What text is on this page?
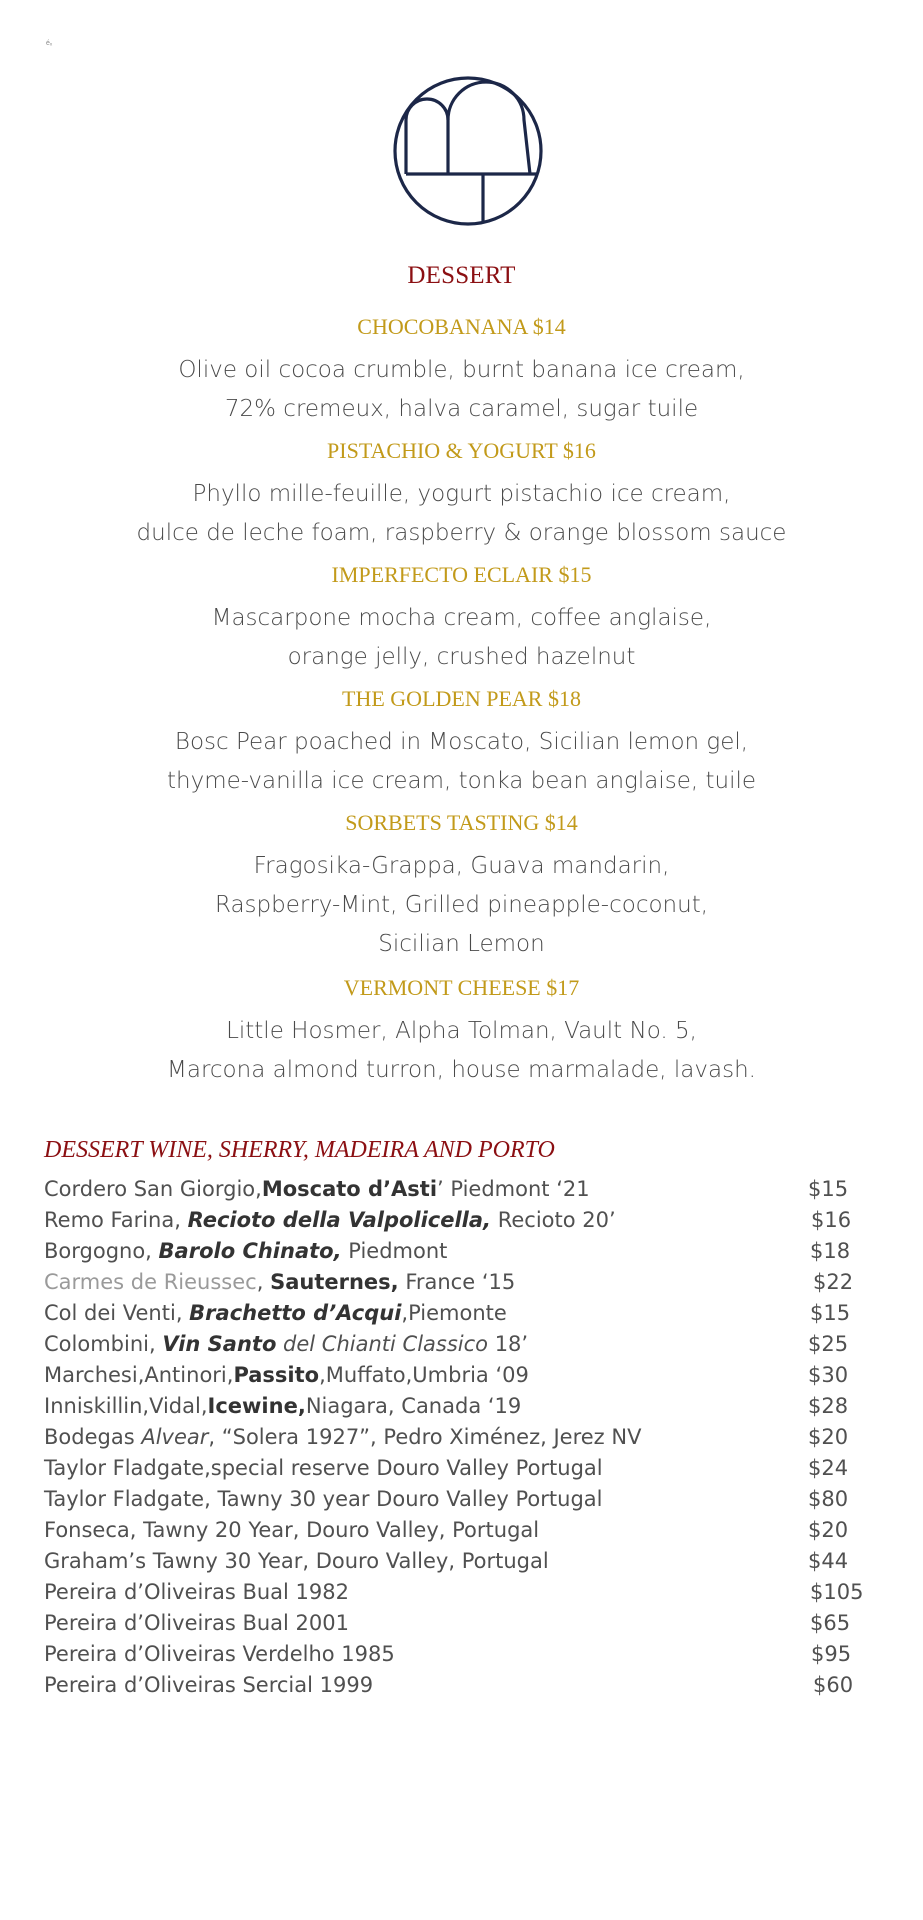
éₓ
DESSERT
CHOCOBANANA $14
Olive oil cocoa crumble, burnt banana ice cream,
72% cremeux, halva caramel, sugar tuile
PISTACHIO & YOGURT $16
Phyllo mille-feuille, yogurt pistachio ice cream,
dulce de leche foam, raspberry & orange blossom sauce
IMPERFECTO ECLAIR $15
Mascarpone mocha cream, coffee anglaise,
orange jelly, crushed hazelnut
THE GOLDEN PEAR $18
Bosc Pear poached in Moscato, Sicilian lemon gel,
thyme-vanilla ice cream, tonka bean anglaise, tuile
SORBETS TASTING $14
Fragosika-Grappa, Guava mandarin,
Raspberry-Mint, Grilled pineapple-coconut,
Sicilian Lemon
VERMONT CHEESE $17
Little Hosmer, Alpha Tolman, Vault No. 5,
Marcona almond turron, house marmalade, lavash.
DESSERT WINE, SHERRY, MADEIRA AND PORTO
Cordero San Giorgio,Moscato d’Asti’ Piedmont ‘21	$15
Remo Farina, Recioto della Valpolicella, Recioto 20’	$16
Borgogno, Barolo Chinato, Piedmont	$18
Carmes de Rieussec, Sauternes, France ‘15	$22
Col dei Venti, Brachetto d’Acqui,Piemonte	$15
Colombini, Vin Santo del Chianti Classico 18’	$25
Marchesi,Antinori,Passito,Muffato,Umbria ‘09	$30
Inniskillin,Vidal,Icewine,Niagara, Canada ‘19	$28
Bodegas Alvear, “Solera 1927”, Pedro Ximénez, Jerez NV	$20
Taylor Fladgate,special reserve Douro Valley Portugal	$24
Taylor Fladgate, Tawny 30 year Douro Valley Portugal	$80
Fonseca, Tawny 20 Year, Douro Valley, Portugal	$20
Graham’s Tawny 30 Year, Douro Valley, Portugal	$44
Pereira d’Oliveiras Bual 1982	$105
Pereira d’Oliveiras Bual 2001	$65
Pereira d’Oliveiras Verdelho 1985	$95
Pereira d’Oliveiras Sercial 1999	$60
